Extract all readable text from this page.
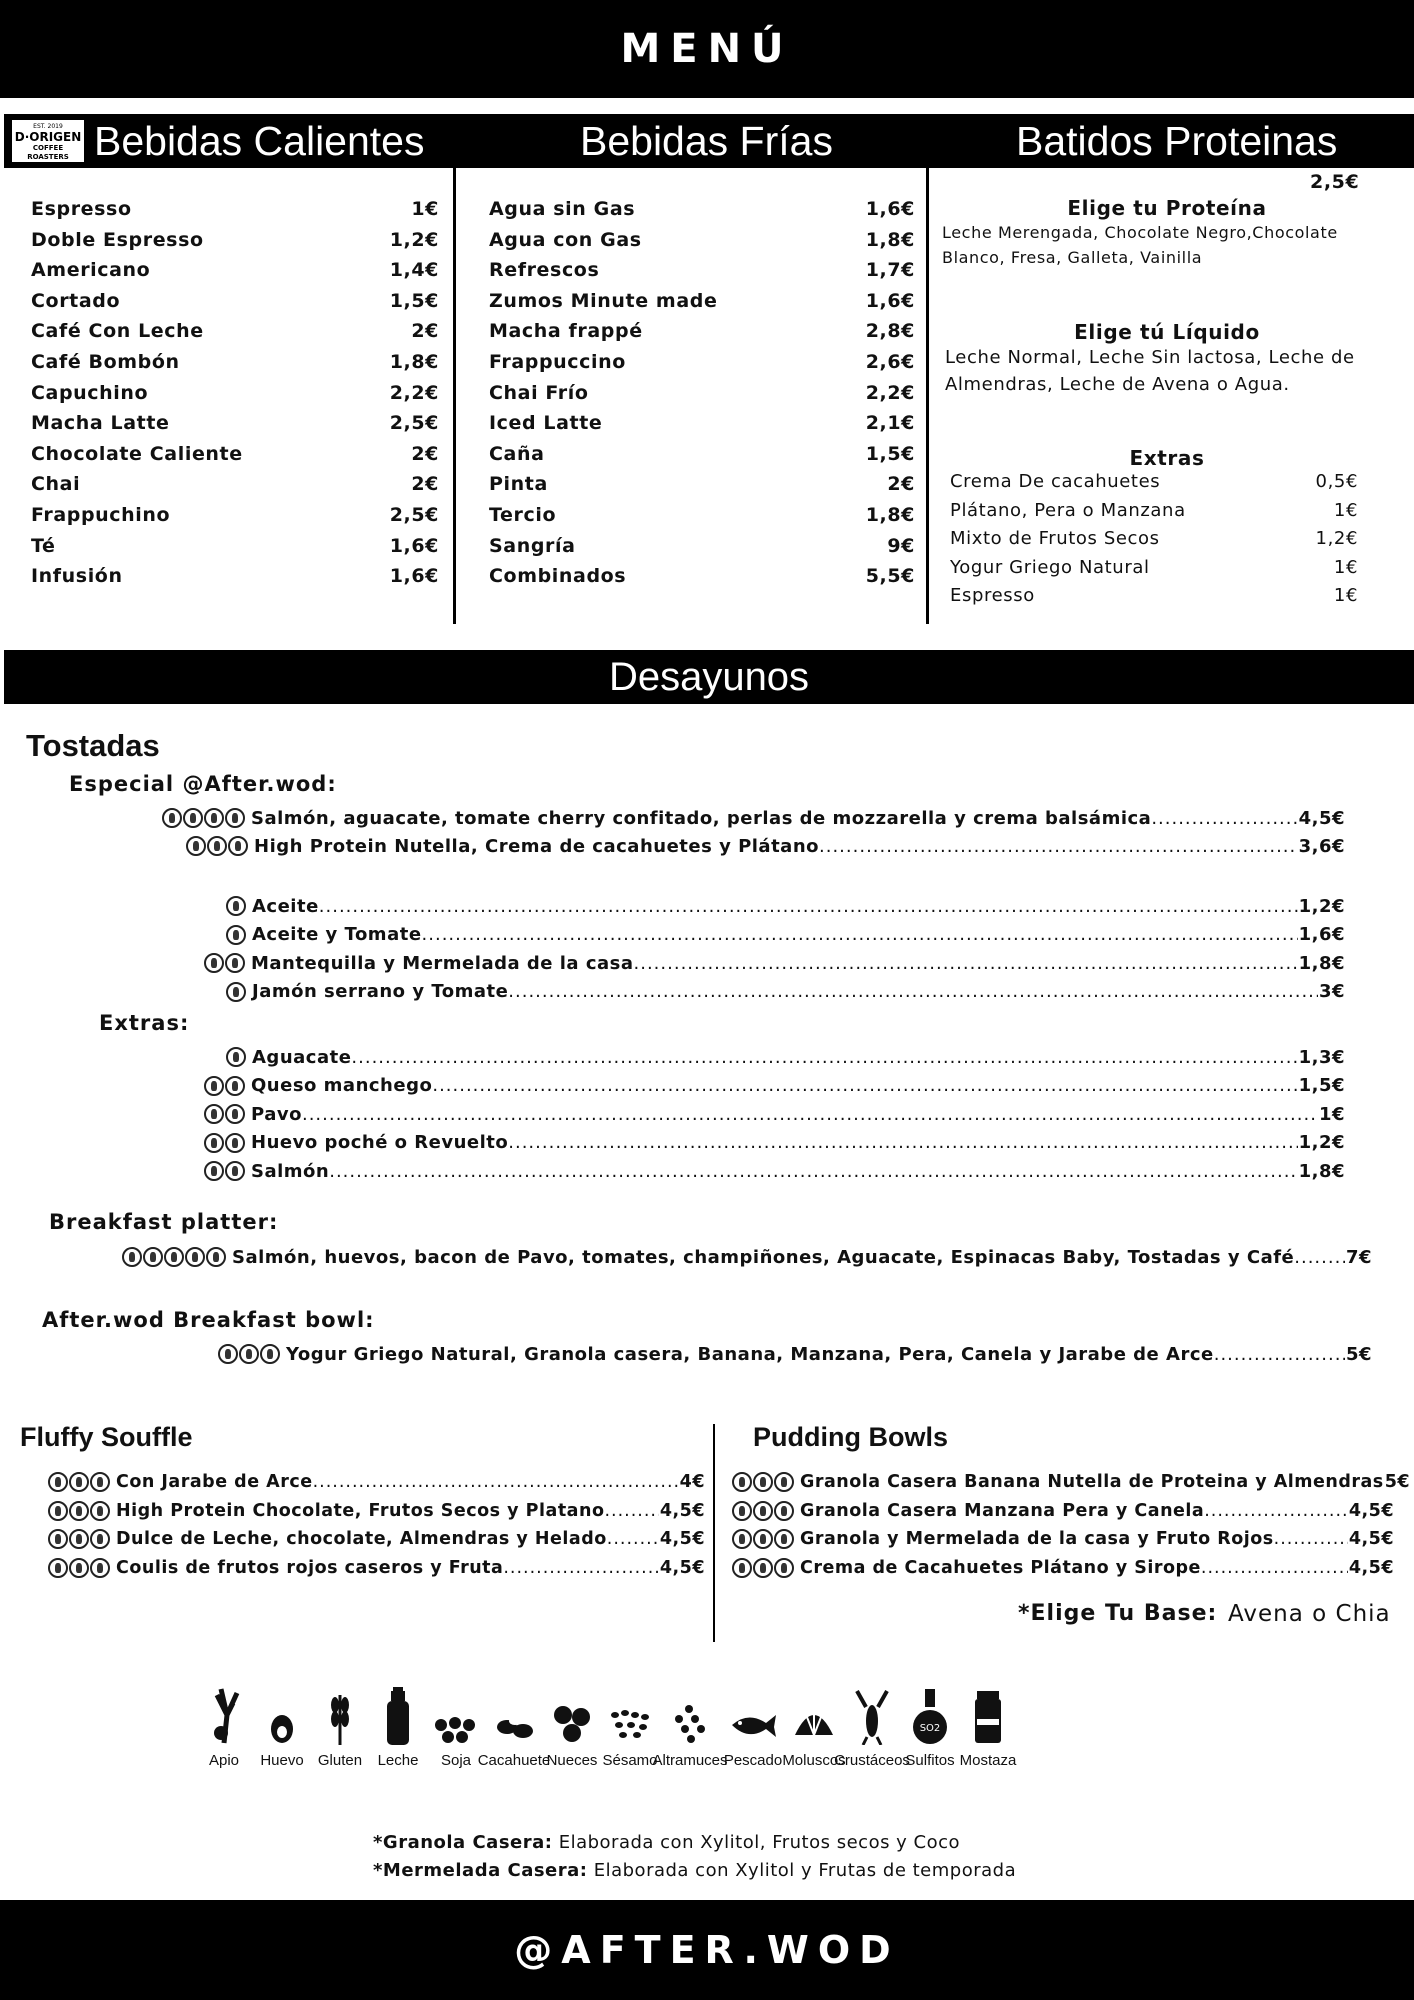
MENÚ
EST. 2019
D·ORIGEN
COFFEE ROASTERS Bebidas Calientes	Bebidas Frías	Batidos Proteinas
Espresso	1€
Doble Espresso	1,2€
Americano	1,4€
Cortado	1,5€
Café Con Leche	2€
Café Bombón	1,8€
Capuchino	2,2€
Macha Latte	2,5€
Chocolate Caliente	2€
Chai	2€
Frappuchino	2,5€
Té	1,6€
Infusión	1,6€
Agua sin Gas	1,6€
Agua con Gas	1,8€
Refrescos	1,7€
Zumos Minute made	1,6€
Macha frappé	2,8€
Frappuccino	2,6€
Chai Frío	2,2€
Iced Latte	2,1€
Caña	1,5€
Pinta	2€
Tercio	1,8€
Sangría	9€
Combinados	5,5€
2,5€
Elige tu Proteína
Leche Merengada, Chocolate Negro,Chocolate Blanco, Fresa, Galleta, Vainilla
Elige tú Líquido
Leche Normal, Leche Sin lactosa, Leche de Almendras, Leche de Avena o Agua.
Extras
Crema De cacahuetes	0,5€
Plátano, Pera o Manzana	1€
Mixto de Frutos Secos	1,2€
Yogur Griego Natural	1€
Espresso	1€
Desayunos
Tostadas
Especial @After.wod:
Salmón, aguacate, tomate cherry confitado, perlas de mozzarella y crema balsámica .....	4,5€
High Protein Nutella, Crema de cacahuetes y Plátano .....	3,6€
Aceite .....	1,2€
Aceite y Tomate .....	1,6€
Mantequilla y Mermelada de la casa .....	1,8€
Jamón serrano y Tomate .....	3€
Extras:
Aguacate .....	1,3€
Queso manchego .....	1,5€
Pavo .....	1€
Huevo poché o Revuelto .....	1,2€
Salmón .....	1,8€
Breakfast platter:
Salmón, huevos, bacon de Pavo, tomates, champiñones, Aguacate, Espinacas Baby, Tostadas y Café .....	7€
After.wod Breakfast bowl:
Yogur Griego Natural, Granola casera, Banana, Manzana, Pera, Canela y Jarabe de Arce .....	5€
Fluffy Souffle	Pudding Bowls
Con Jarabe de Arce .....	4€
High Protein Chocolate, Frutos Secos y Platano .....	4,5€
Dulce de Leche, chocolate, Almendras y Helado .....	4,5€
Coulis de frutos rojos caseros y Fruta .....	4,5€
Granola Casera Banana Nutella de Proteina y Almendras 5€
Granola Casera Manzana Pera y Canela .....	4,5€
Granola y Mermelada de la casa y Fruto Rojos .....	4,5€
Crema de Cacahuetes Plátano y Sirope .....	4,5€
*Elige Tu Base: Avena o Chia
Apio	Huevo Gluten	Leche	Soja Cacahuete
Nueces Sésamo
Altramuces
Pescado Moluscos
Crustáceos
SO2
Sulfitos Mostaza
*Granola Casera: Elaborada con Xylitol, Frutos secos y Coco
*Mermelada Casera: Elaborada con Xylitol y Frutas de temporada
@AFTER.WOD
